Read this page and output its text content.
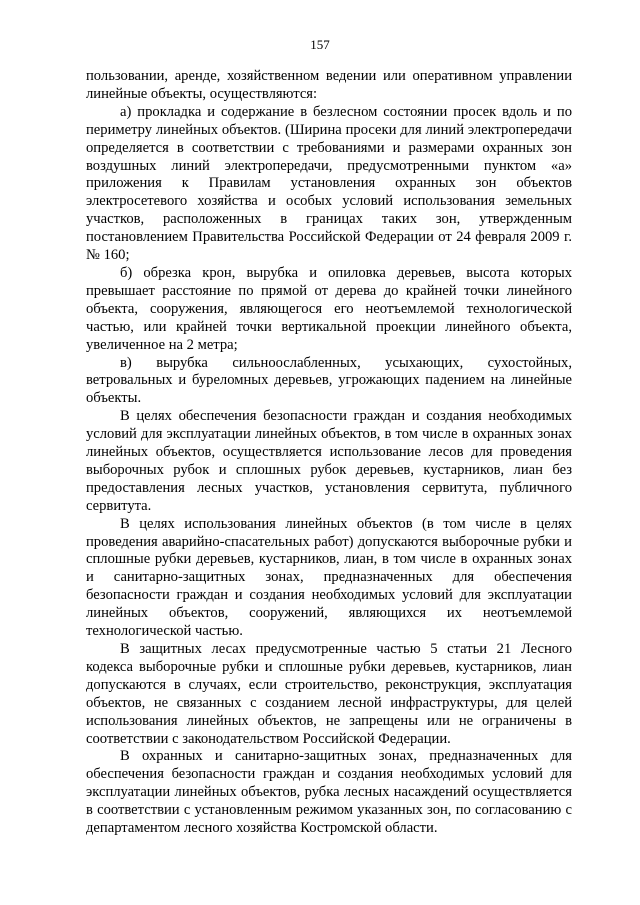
157

пользовании, аренде, хозяйственном ведении или оперативном управлении линейные объекты, осуществляются:

а) прокладка и содержание в безлесном состоянии просек вдоль и по периметру линейных объектов. (Ширина просеки для линий электропередачи определяется в соответствии с требованиями и размерами охранных зон воздушных линий электропередачи, предусмотренными пунктом «а» приложения к Правилам установления охранных зон объектов электросетевого хозяйства и особых условий использования земельных участков, расположенных в границах таких зон, утвержденным постановлением Правительства Российской Федерации от 24 февраля 2009 г. № 160;

б) обрезка крон, вырубка и опиловка деревьев, высота которых превышает расстояние по прямой от дерева до крайней точки линейного объекта, сооружения, являющегося его неотъемлемой технологической частью, или крайней точки вертикальной проекции линейного объекта, увеличенное на 2 метра;

в) вырубка сильноослабленных, усыхающих, сухостойных, ветровальных и буреломных деревьев, угрожающих падением на линейные объекты.

В целях обеспечения безопасности граждан и создания необходимых условий для эксплуатации линейных объектов, в том числе в охранных зонах линейных объектов, осуществляется использование лесов для проведения выборочных рубок и сплошных рубок деревьев, кустарников, лиан без предоставления лесных участков, установления сервитута, публичного сервитута.

В целях использования линейных объектов (в том числе в целях проведения аварийно-спасательных работ) допускаются выборочные рубки и сплошные рубки деревьев, кустарников, лиан, в том числе в охранных зонах и санитарно-защитных зонах, предназначенных для обеспечения безопасности граждан и создания необходимых условий для эксплуатации линейных объектов, сооружений, являющихся их неотъемлемой технологической частью.

В защитных лесах предусмотренные частью 5 статьи 21 Лесного кодекса выборочные рубки и сплошные рубки деревьев, кустарников, лиан допускаются в случаях, если строительство, реконструкция, эксплуатация объектов, не связанных с созданием лесной инфраструктуры, для целей использования линейных объектов, не запрещены или не ограничены в соответствии с законодательством Российской Федерации.

В охранных и санитарно-защитных зонах, предназначенных для обеспечения безопасности граждан и создания необходимых условий для эксплуатации линейных объектов, рубка лесных насаждений осуществляется в соответствии с установленным режимом указанных зон, по согласованию с департаментом лесного хозяйства Костромской области.
